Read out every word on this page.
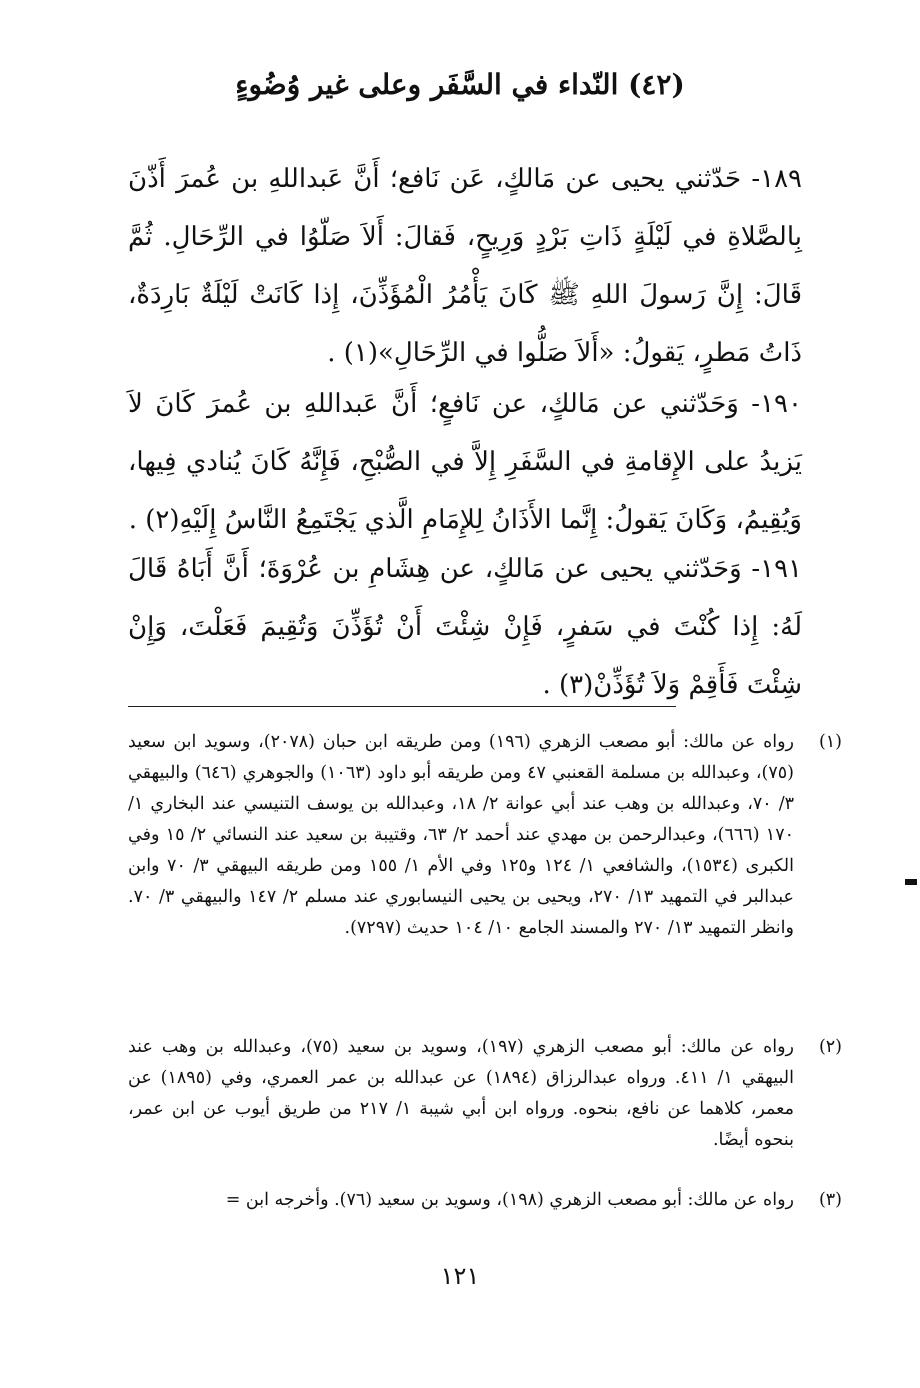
(٤٢) النّداء في السَّفَر وعلى غير وُضُوءٍ
١٨٩- حَدّثني يحيى عن مَالكٍ، عَن نَافع؛ أَنَّ عَبداللهِ بن عُمرَ أَذّنَ بِالصَّلاةِ في لَيْلَةٍ ذَاتِ بَرْدٍ وَرِيحٍ، فَقالَ: أَلاَ صَلّوُا في الرِّحَالِ. ثُمَّ قَالَ: إِنَّ رَسولَ اللهِ ﷺ كَانَ يَأْمُرُ الْمُؤَذِّنَ، إِذا كَانَتْ لَيْلَةٌ بَارِدَةٌ، ذَاتُ مَطرٍ، يَقولُ: «أَلاَ صَلُّوا في الرِّحَالِ»(١) .
١٩٠- وَحَدّثني عن مَالكٍ، عن نَافعٍ؛ أَنَّ عَبداللهِ بن عُمرَ كَانَ لاَ يَزيدُ على الإِقامةِ في السَّفَرِ إِلاَّ في الصُّبْحِ، فَإِنَّهُ كَانَ يُنادي فِيها، وَيُقِيمُ، وَكَانَ يَقولُ: إِنَّما الأَذَانُ لِلإِمَامِ الَّذي يَجْتَمِعُ النَّاسُ إِلَيْهِ(٢) .
١٩١- وَحَدّثني يحيى عن مَالكٍ، عن هِشَامِ بن عُرْوَةَ؛ أَنَّ أَبَاهُ قَالَ لَهُ: إِذا كُنْتَ في سَفرٍ، فَإِنْ شِئْتَ أَنْ تُؤَذِّنَ وَتُقِيمَ فَعَلْتَ، وَإِنْ شِئْتَ فَأَقِمْ وَلاَ تُؤَذِّنْ(٣) .
(١)
رواه عن مالك: أبو مصعب الزهري (١٩٦) ومن طريقه ابن حبان (٢٠٧٨)، وسويد ابن سعيد (٧٥)، وعبدالله بن مسلمة القعنبي ٤٧ ومن طريقه أبو داود (١٠٦٣) والجوهري (٦٤٦) والبيهقي ٣/ ٧٠، وعبدالله بن وهب عند أبي عوانة ٢/ ١٨، وعبدالله بن يوسف التنيسي عند البخاري ١/ ١٧٠ (٦٦٦)، وعبدالرحمن بن مهدي عند أحمد ٢/ ٦٣، وقتيبة بن سعيد عند النسائي ٢/ ١٥ وفي الكبرى (١٥٣٤)، والشافعي ١/ ١٢٤ و١٢٥ وفي الأم ١/ ١٥٥ ومن طريقه البيهقي ٣/ ٧٠ وابن عبدالبر في التمهيد ١٣/ ٢٧٠، ويحيى بن يحيى النيسابوري عند مسلم ٢/ ١٤٧ والبيهقي ٣/ ٧٠. وانظر التمهيد ١٣/ ٢٧٠ والمسند الجامع ١٠/ ١٠٤ حديث (٧٢٩٧).
(٢)
رواه عن مالك: أبو مصعب الزهري (١٩٧)، وسويد بن سعيد (٧٥)، وعبدالله بن وهب عند البيهقي ١/ ٤١١. ورواه عبدالرزاق (١٨٩٤) عن عبدالله بن عمر العمري، وفي (١٨٩٥) عن معمر، كلاهما عن نافع، بنحوه. ورواه ابن أبي شيبة ١/ ٢١٧ من طريق أيوب عن ابن عمر، بنحوه أيضًا.
(٣)
رواه عن مالك: أبو مصعب الزهري (١٩٨)، وسويد بن سعيد (٧٦). وأخرجه ابن =
١٢١
